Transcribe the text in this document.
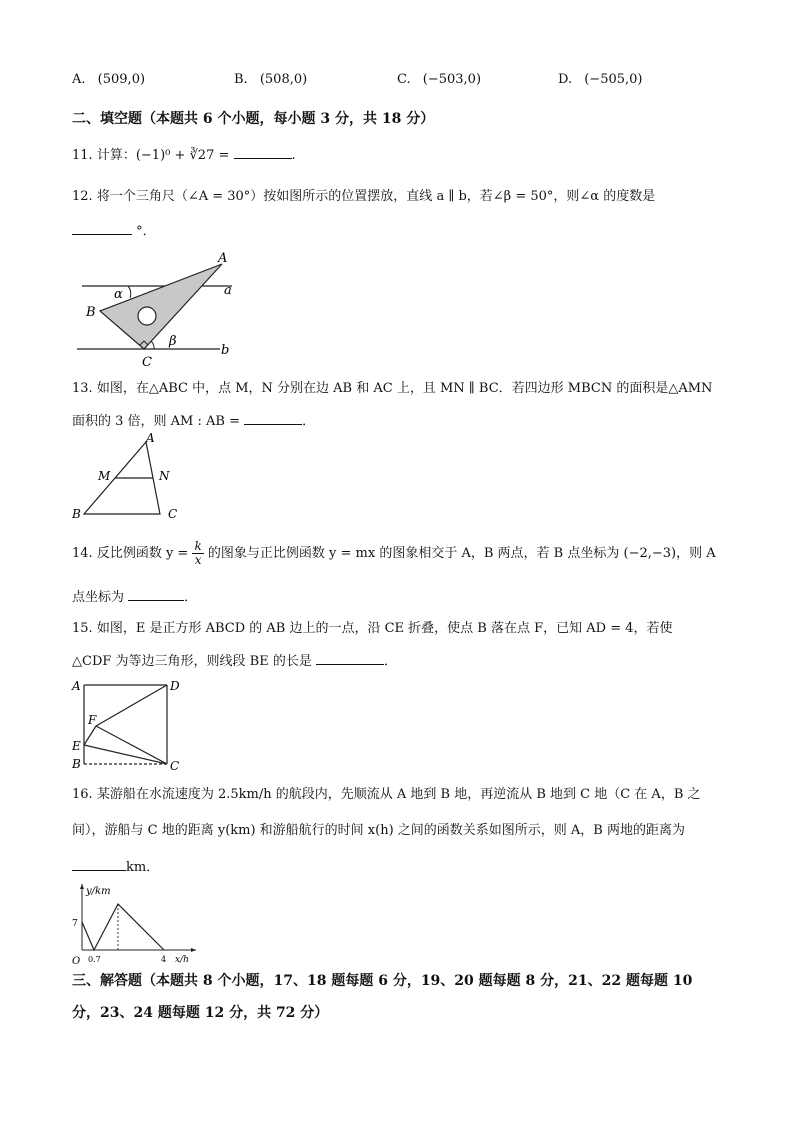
A. (509,0)	B. (508,0)	C. (−503,0)	D. (−505,0)
二、填空题（本题共 6 个小题，每小题 3 分，共 18 分）
11. 计算：(−1)⁰ + ∛27 =	.
12. 将一个三角尺（∠A = 30°）按如图所示的位置摆放，直线 a ∥ b，若∠β = 50°，则∠α 的度数是
°．
A
B
C
a
b
α
β
13. 如图，在△ABC 中，点 M，N 分别在边 AB 和 AC 上，且 MN ∥ BC．若四边形 MBCN 的面积是△AMN
面积的 3 倍，则 AM : AB =	．
A
B	C
M	N
14. 反比例函数 $y = \frac{k}{x}$ 的图象与正比例函数 y = mx 的图象相交于 A，B 两点，若 B 点坐标为 (−2,−3)，则 A
点坐标为	．
15. 如图，E 是正方形 ABCD 的 AB 边上的一点，沿 CE 折叠，使点 B 落在点 F，已知 AD = 4，若使
△CDF 为等边三角形，则线段 BE 的长是	．
A	D
F
E
B	C
16. 某游船在水流速度为 2.5km/h 的航段内，先顺流从 A 地到 B 地，再逆流从 B 地到 C 地（C 在 A，B 之
间），游船与 C 地的距离 y(km) 和游船航行的时间 x(h) 之间的函数关系如图所示，则 A，B 两地的距离为
km．
y/km
7
O 0.7	4 x/h
三、解答题（本题共 8 个小题，17、18 题每题 6 分，19、20 题每题 8 分，21、22 题每题 10
分，23、24 题每题 12 分，共 72 分）
